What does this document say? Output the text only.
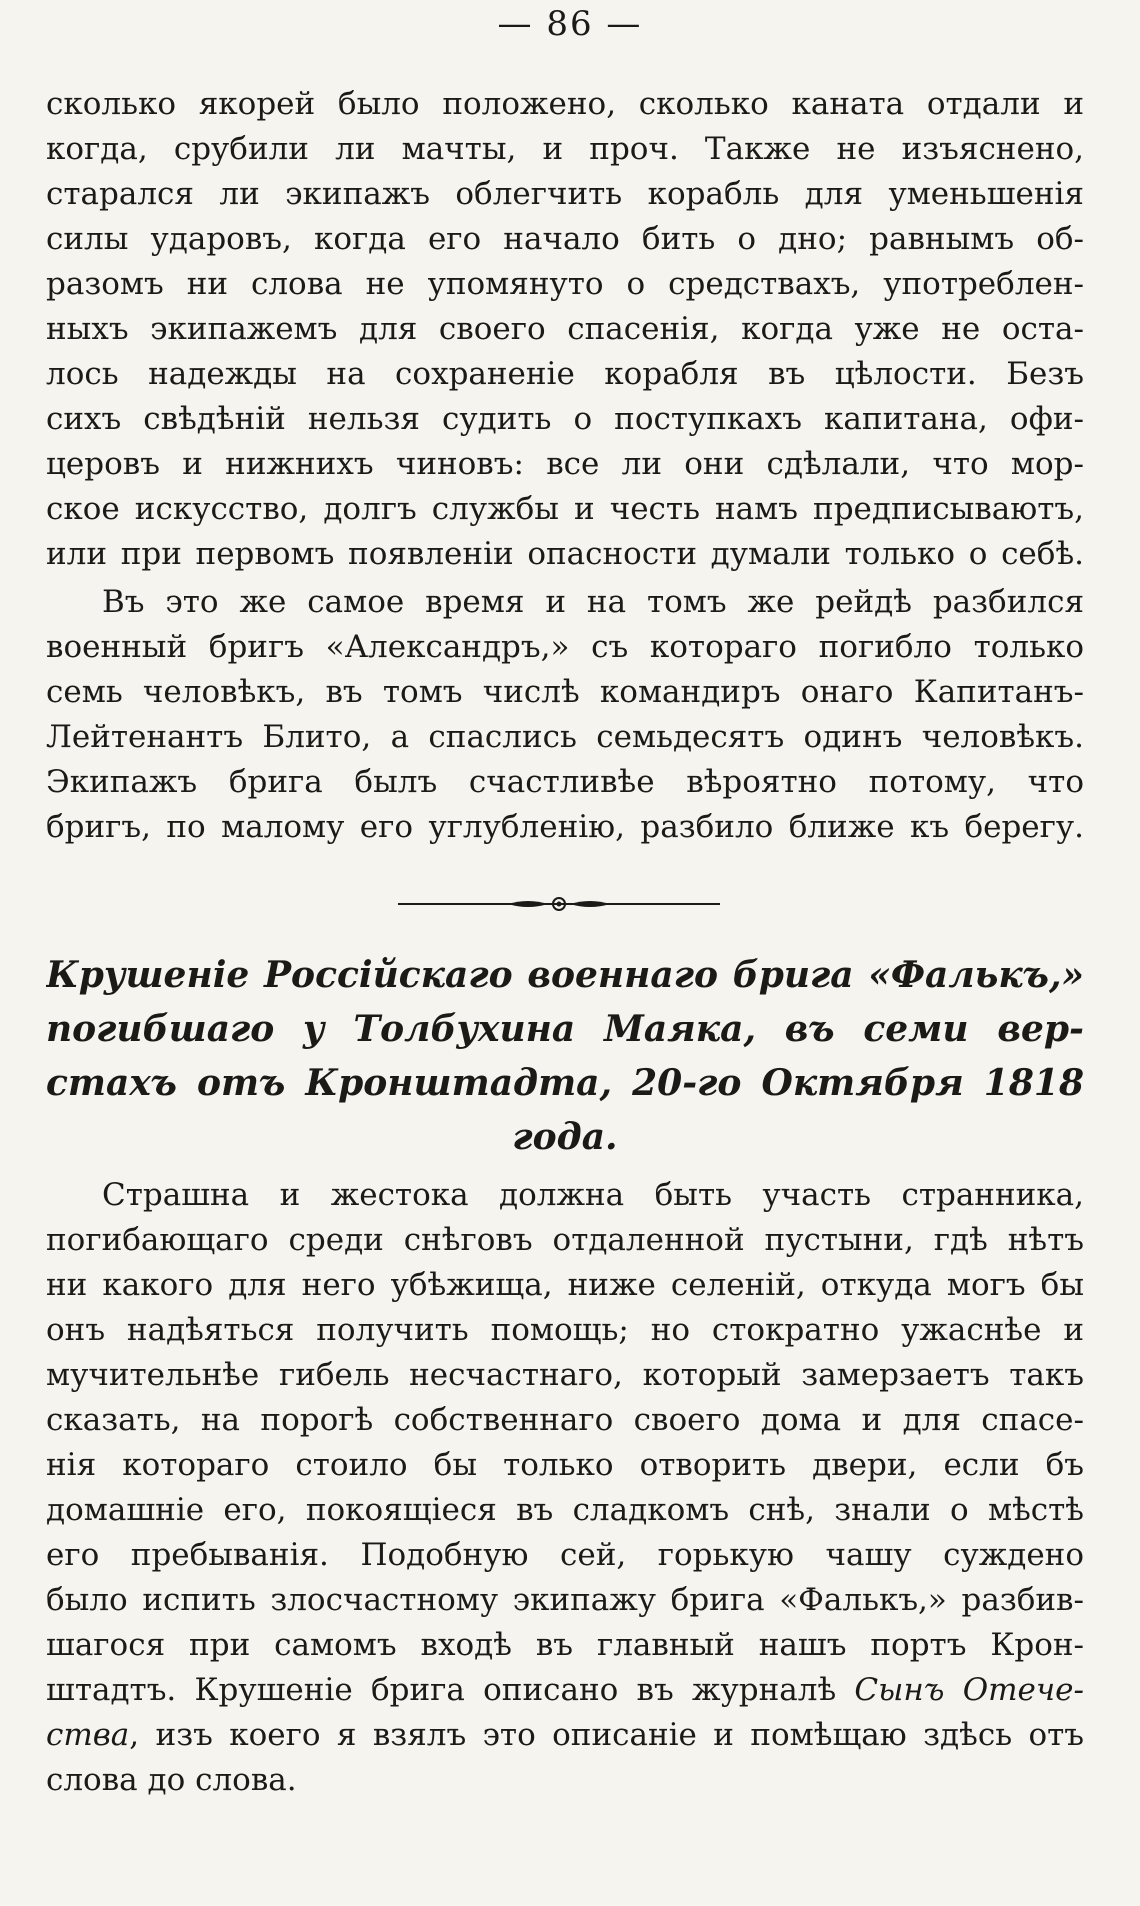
— 86 —

сколько якорей было положено, сколько каната отдали и
когда, срубили ли мачты, и проч. Также не изъяснено,
старался ли экипажъ облегчить корабль для уменьшенія
силы ударовъ, когда его начало бить о дно; равнымъ об-
разомъ ни слова не упомянуто о средствахъ, употреблен-
ныхъ экипажемъ для своего спасенія, когда уже не оста-
лось надежды на сохраненіе корабля въ цѣлости. Безъ
сихъ свѣдѣній нельзя судить о поступкахъ капитана, офи-
церовъ и нижнихъ чиновъ: все ли они сдѣлали, что мор-
ское искусство, долгъ службы и честь намъ предписываютъ,
или при первомъ появленіи опасности думали только о себѣ.

Въ это же самое время и на томъ же рейдѣ разбился
военный бригъ «Александръ,» съ котораго погибло только
семь человѣкъ, въ томъ числѣ командиръ онаго Капитанъ-
Лейтенантъ Блито, а спаслись семьдесятъ одинъ человѣкъ.
Экипажъ брига былъ счастливѣе вѣроятно потому, что
бригъ, по малому его углубленію, разбило ближе къ берегу.

Крушеніе Россійскаго военнаго брига «Фалькъ,»
погибшаго у Толбухина Маяка, въ семи вер-
стахъ отъ Кронштадта, 20-го Октября 1818
года.

Страшна и жестока должна быть участь странника,
погибающаго среди снѣговъ отдаленной пустыни, гдѣ нѣтъ
ни какого для него убѣжища, ниже селеній, откуда могъ бы
онъ надѣяться получить помощь; но стократно ужаснѣе и
мучительнѣе гибель несчастнаго, который замерзаетъ такъ
сказать, на порогѣ собственнаго своего дома и для спасе-
нія котораго стоило бы только отворить двери, если бъ
домашніе его, покоящіеся въ сладкомъ снѣ, знали о мѣстѣ
его пребыванія. Подобную сей, горькую чашу суждено
было испить злосчастному экипажу брига «Фалькъ,» разбив-
шагося при самомъ входѣ въ главный нашъ портъ Крон-
штадтъ. Крушеніе брига описано въ журналѣ Сынъ Отече-
ства, изъ коего я взялъ это описаніе и помѣщаю здѣсь отъ
слова до слова.
